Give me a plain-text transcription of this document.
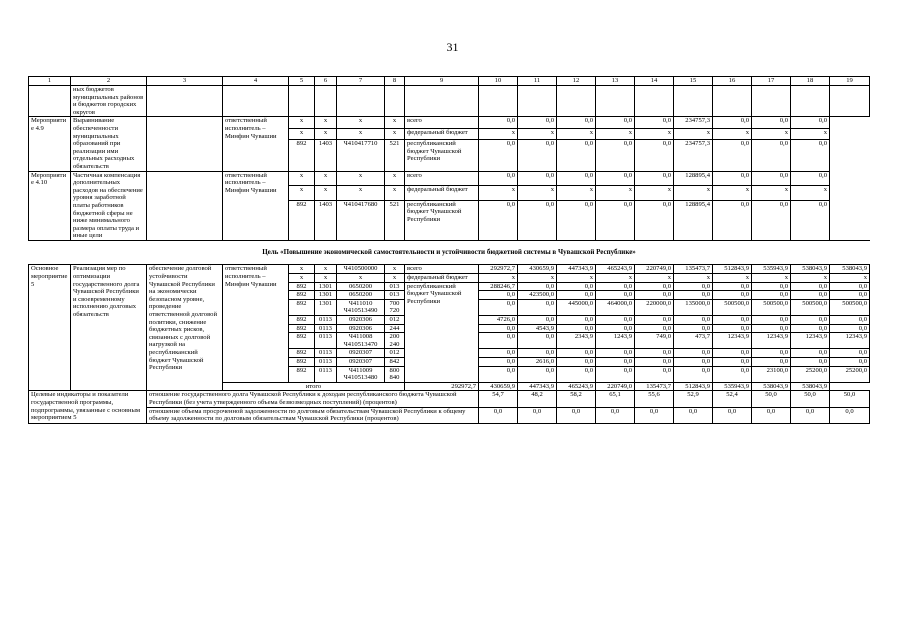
31
1	2	3	4	5	6	7	8	9	10	11	12	13	14	15	16	17	18	19
	ных бюджетов муниципальных районов и бюджетов городских округов																	
Мероприятие 4.9	Выравнивание обеспеченности муниципальных образований при реализации ими отдельных расходных обязательств		ответственный исполнитель – Минфин Чувашии	x	x	x	x	всего	0,0	0,0	0,0	0,0	0,0	234757,3	0,0	0,0	0,0	
				x	x	x	x	федеральный бюджет	x	x	x	x	x	x	x	x	x	
				892	1403	Ч410417710	521	республиканский бюджет Чувашской Республики	0,0	0,0	0,0	0,0	0,0	234757,3	0,0	0,0	0,0	
Мероприятие 4.10	Частичная компенсация дополнительных расходов на обеспечение уровня заработной платы работников бюджетной сферы не ниже минимального размера оплаты труда и иные цели		ответственный исполнитель – Минфин Чувашии	x	x	x	x	всего	0,0	0,0	0,0	0,0	0,0	128895,4	0,0	0,0	0,0	
				x	x	x	x	федеральный бюджет	x	x	x	x	x	x	x	x	x	
				892	1403	Ч410417680	521	республиканский бюджет Чувашской Республики	0,0	0,0	0,0	0,0	0,0	128895,4	0,0	0,0	0,0	
Цель «Повышение экономической самостоятельности и устойчивости бюджетной системы в Чувашской Республике»																		
Основное мероприятие 5	Реализация мер по оптимизации государственного долга Чувашской Республики и своевременному исполнению долговых обязательств	обеспечение долговой устойчивости Чувашской Республики на экономически безопасном уровне, проведение ответственной долговой политики, снижение бюджетных рисков, связанных с долговой нагрузкой на республиканский бюджет Чувашской Республики	ответственный исполнитель – Минфин Чувашии	x	x	Ч410500000	x	всего	292972,7	430659,9	447343,9	465243,9	220749,0	135473,7	512843,9	535943,9	538043,9	538043,9
				x	x	x	x	федеральный бюджет	x	x	x	x	x	x	x	x	x	x
				892	1301	0650200	013	республиканский бюджет Чувашской Республики	288246,7	0,0	0,0	0,0	0,0	0,0	0,0	0,0	0,0	0,0
				892	1301	0650200	013		0,0	423500,0	0,0	0,0	0,0	0,0	0,0	0,0	0,0	0,0
				892	1301	Ч411010 Ч410513490	700 720		0,0	0,0	445000,0	464000,0	220000,0	135000,0	500500,0	500500,0	500500,0	500500,0
				892	0113	0920306	012		4726,0	0,0	0,0	0,0	0,0	0,0	0,0	0,0	0,0	0,0
				892	0113	0920306	244		0,0	4543,9	0,0	0,0	0,0	0,0	0,0	0,0	0,0	0,0
				892	0113	Ч411008 Ч410513470	200 240		0,0	0,0	2343,9	1243,9	749,0	473,7	12343,9	12343,9	12343,9	12343,9
				892	0113	0920307	012		0,0	0,0	0,0	0,0	0,0	0,0	0,0	0,0	0,0	0,0
				892	0113	0920307	842		0,0	2616,0	0,0	0,0	0,0	0,0	0,0	0,0	0,0	0,0
				892	0113	Ч411009 Ч410513480	800 840		0,0	0,0	0,0	0,0	0,0	0,0	0,0	23100,0	25200,0	25200,0
			итого					292972,7	430659,9	447343,9	465243,9	220749,0	135473,7	512843,9	535943,9	538043,9	538043,9	
Целевые индикаторы и показатели государственной программы, подпрограммы, увязанные с основным мероприятием 5		отношение государственного долга Чувашской Республики к доходам республиканского бюджета Чувашской Республики (без учета утвержденного объема безвозмездных поступлений) (процентов)							54,7	48,2	58,2	65,1	55,6	52,9	52,4	50,0	50,0	50,0
		отношение объема просроченной задолженности по долговым обязательствам Чувашской Республики к общему объему задолженности по долговым обязательствам Чувашской Республики (процентов)							0,0	0,0	0,0	0,0	0,0	0,0	0,0	0,0	0,0	0,0
